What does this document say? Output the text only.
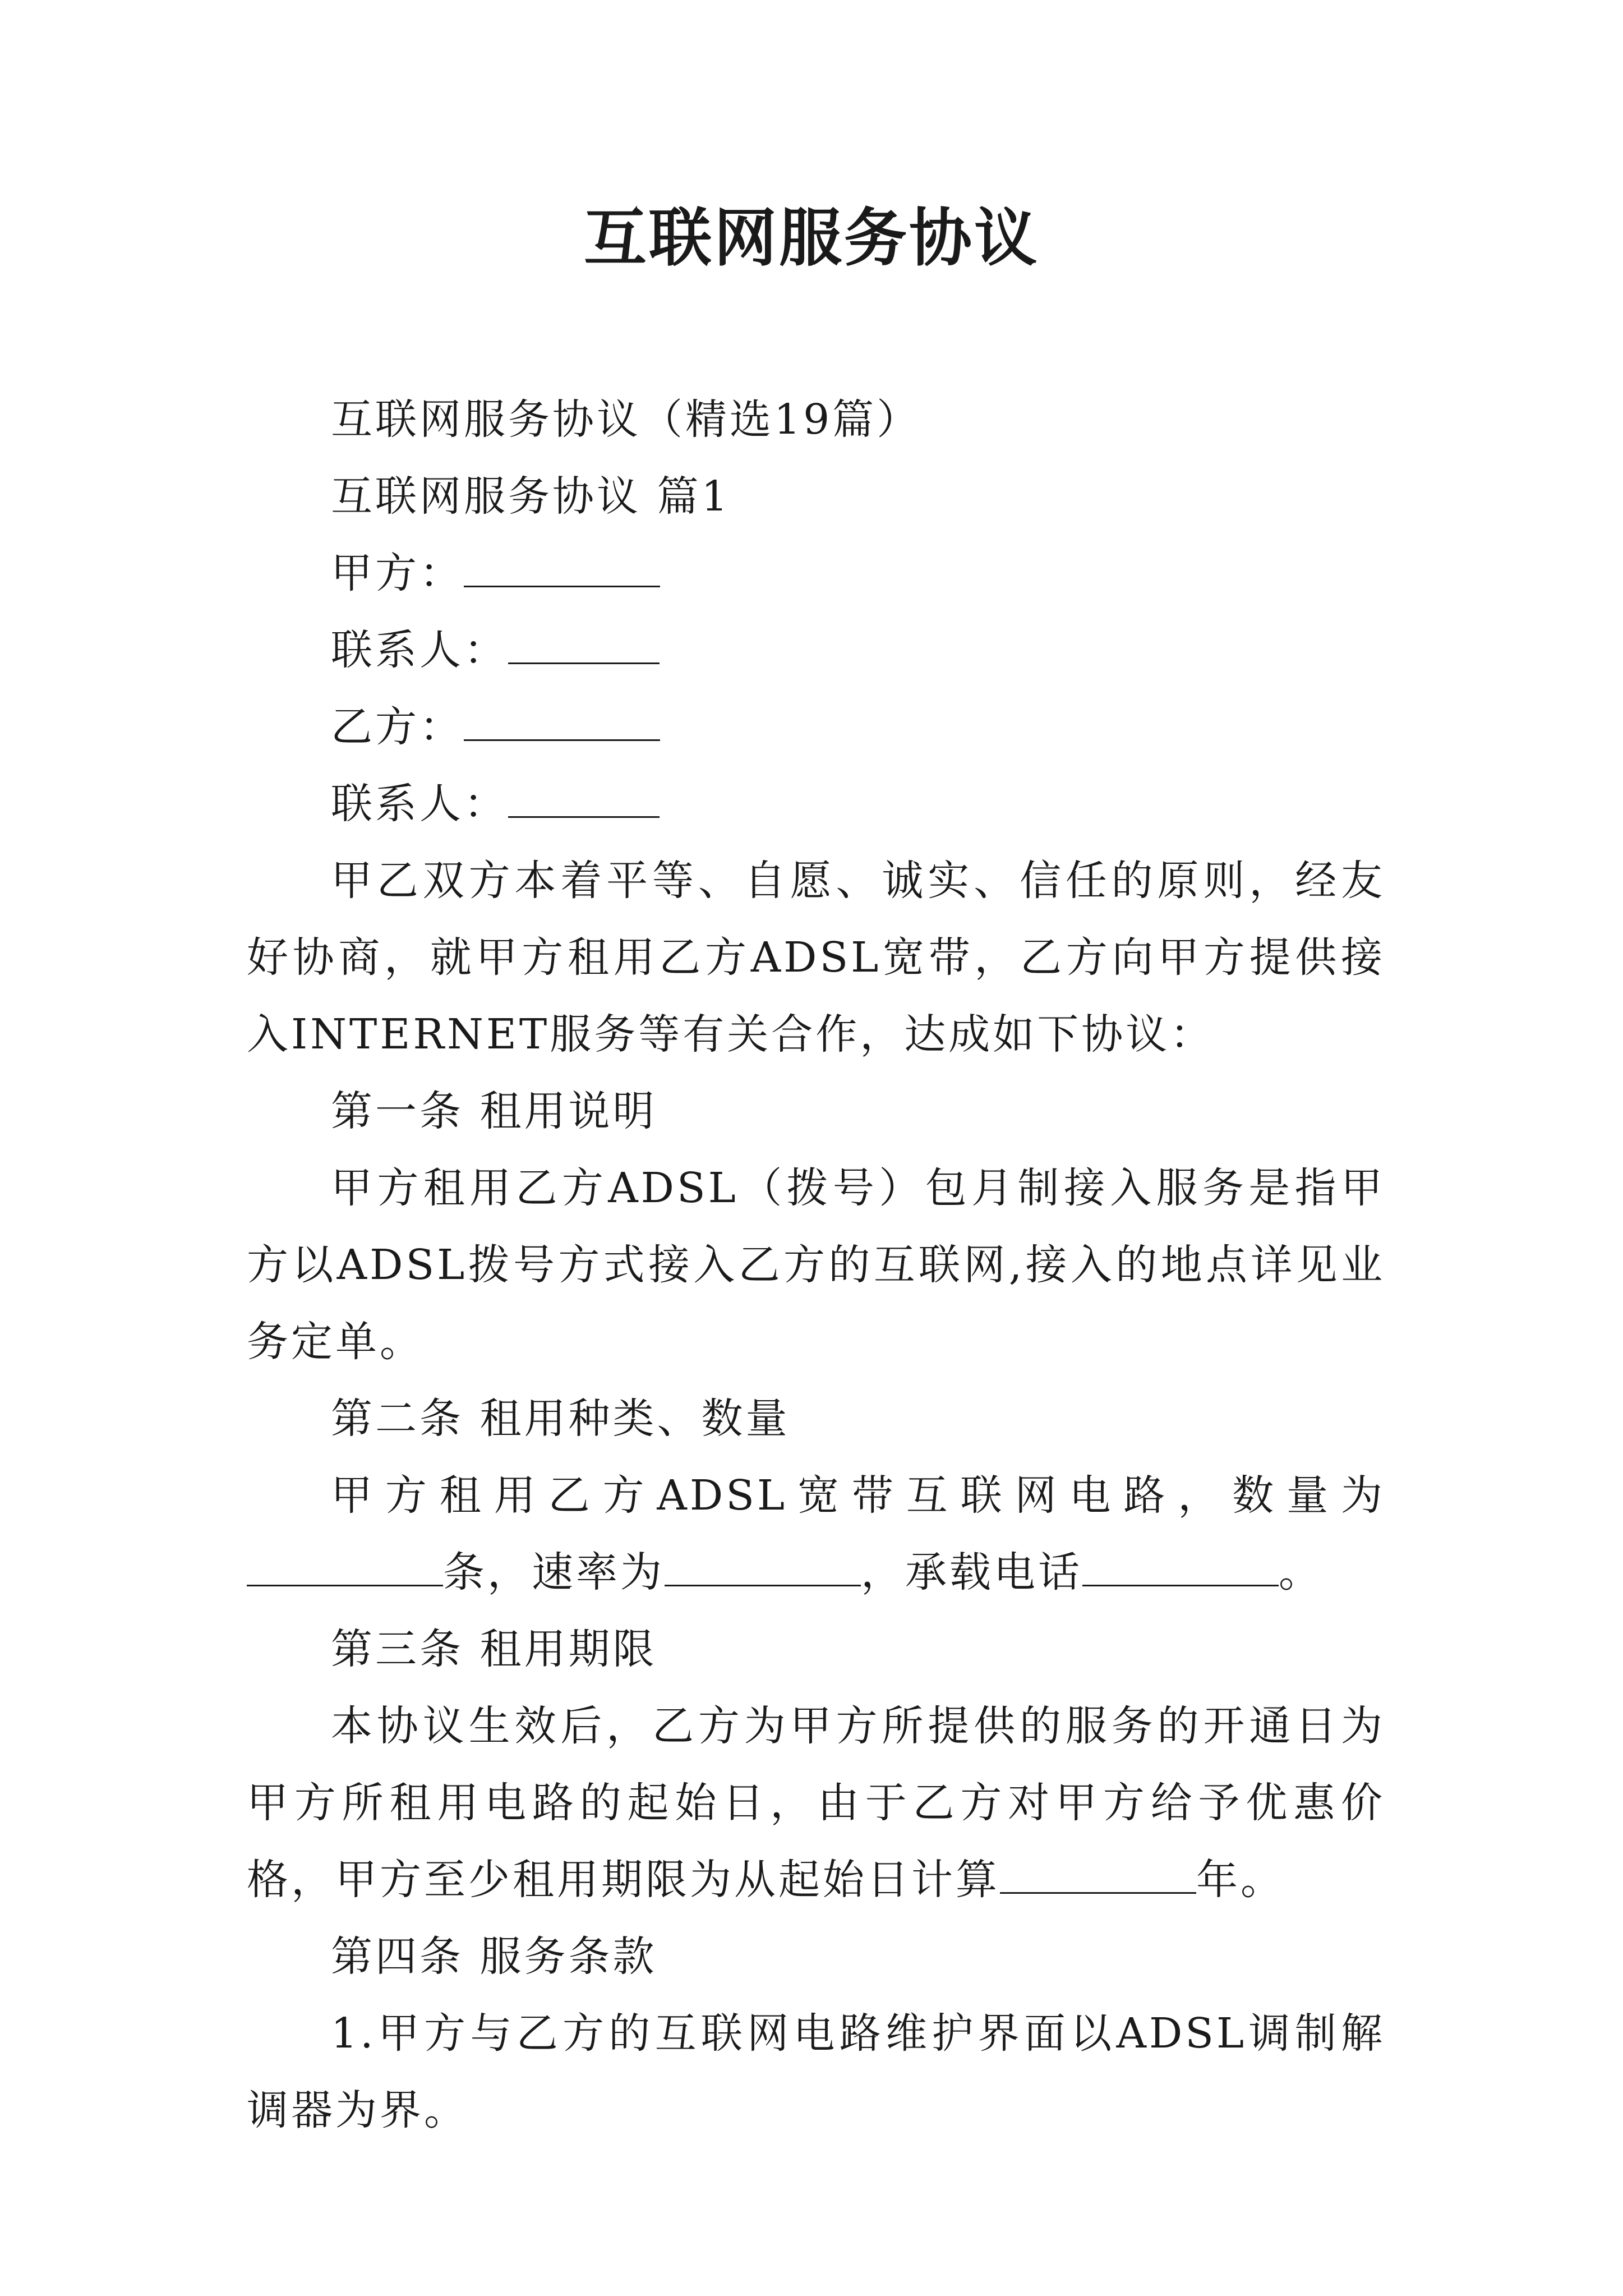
互联网服务协议

互联网服务协议（精选19篇）

互联网服务协议 篇1

甲方：

联系人：

乙方：

联系人：

甲乙双方本着平等、自愿、诚实、信任的原则，经友好协商，就甲方租用乙方ADSL宽带，乙方向甲方提供接入INTERNET服务等有关合作，达成如下协议：

第一条 租用说明

甲方租用乙方ADSL（拨号）包月制接入服务是指甲方以ADSL拨号方式接入乙方的互联网,接入的地点详见业务定单。

第二条 租用种类、数量

甲方租用乙方ADSL宽带互联网电路，数量为条，速率为	，承载电话	。

第三条 租用期限

本协议生效后，乙方为甲方所提供的服务的开通日为甲方所租用电路的起始日，由于乙方对甲方给予优惠价格，甲方至少租用期限为从起始日计算	年。

第四条 服务条款

1.甲方与乙方的互联网电路维护界面以ADSL调制解调器为界。
